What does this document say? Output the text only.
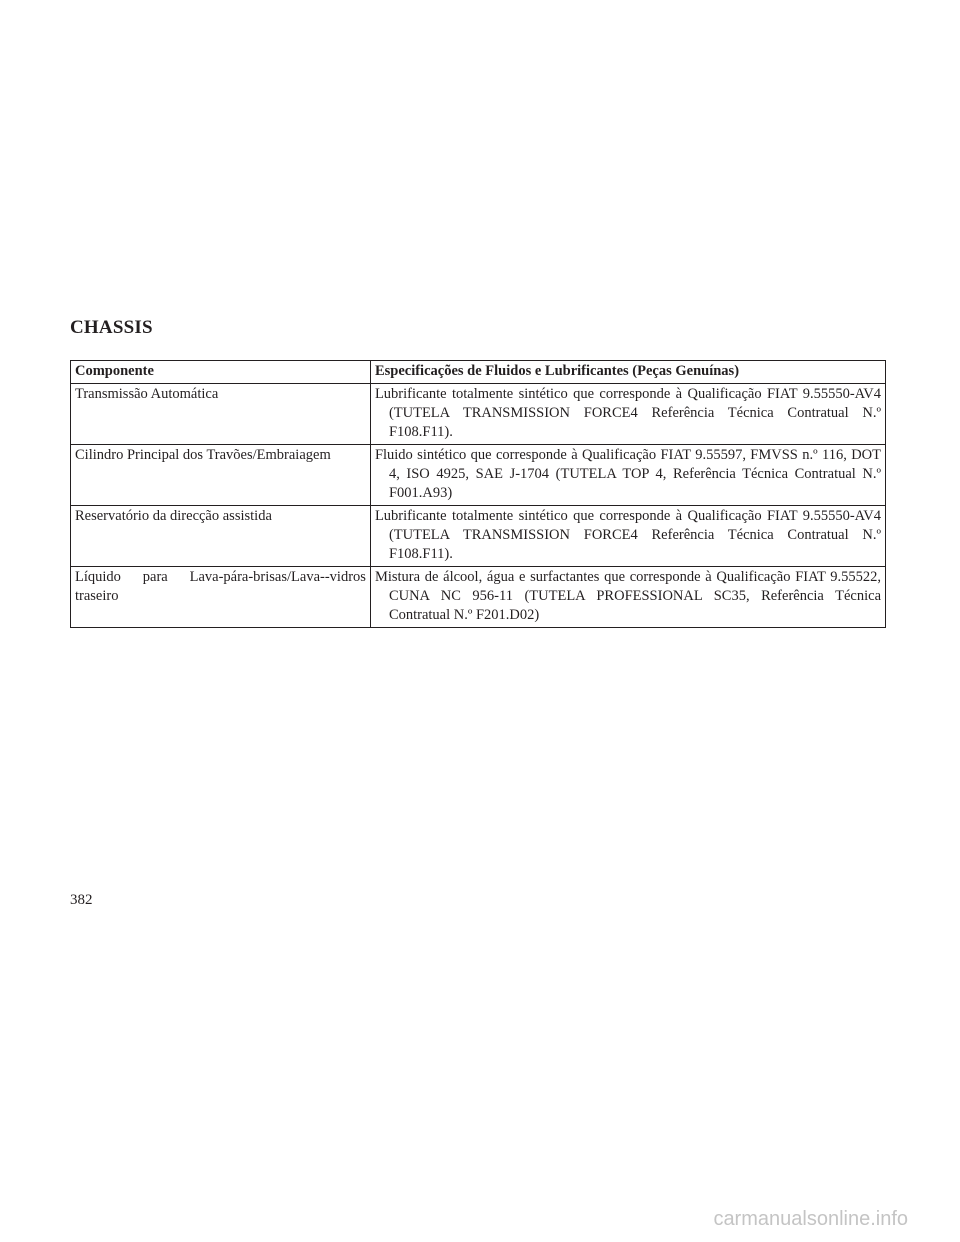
CHASSIS
Componente	Especificações de Fluidos e Lubrificantes (Peças Genuínas)
Transmissão Automática	Lubrificante totalmente sintético que corresponde à Qualificação FIAT 9.55550-AV4 (TUTELA TRANSMISSION FORCE4 Referência Técnica Contratual N.º F108.F11).
Cilindro Principal dos Travões/Embraiagem	Fluido sintético que corresponde à Qualificação FIAT 9.55597, FMVSS n.º 116, DOT 4, ISO 4925, SAE J-1704 (TUTELA TOP 4, Referência Técnica Contratual N.º F001.A93)
Reservatório da direcção assistida	Lubrificante totalmente sintético que corresponde à Qualificação FIAT 9.55550-AV4 (TUTELA TRANSMISSION FORCE4 Referência Técnica Contratual N.º F108.F11).
Líquido para Lava-pára-brisas/Lava--vidros traseiro	Mistura de álcool, água e surfactantes que corresponde à Qualificação FIAT 9.55522, CUNA NC 956-11 (TUTELA PROFESSIONAL SC35, Referência Técnica Contratual N.º F201.D02)
382
carmanualsonline.info
